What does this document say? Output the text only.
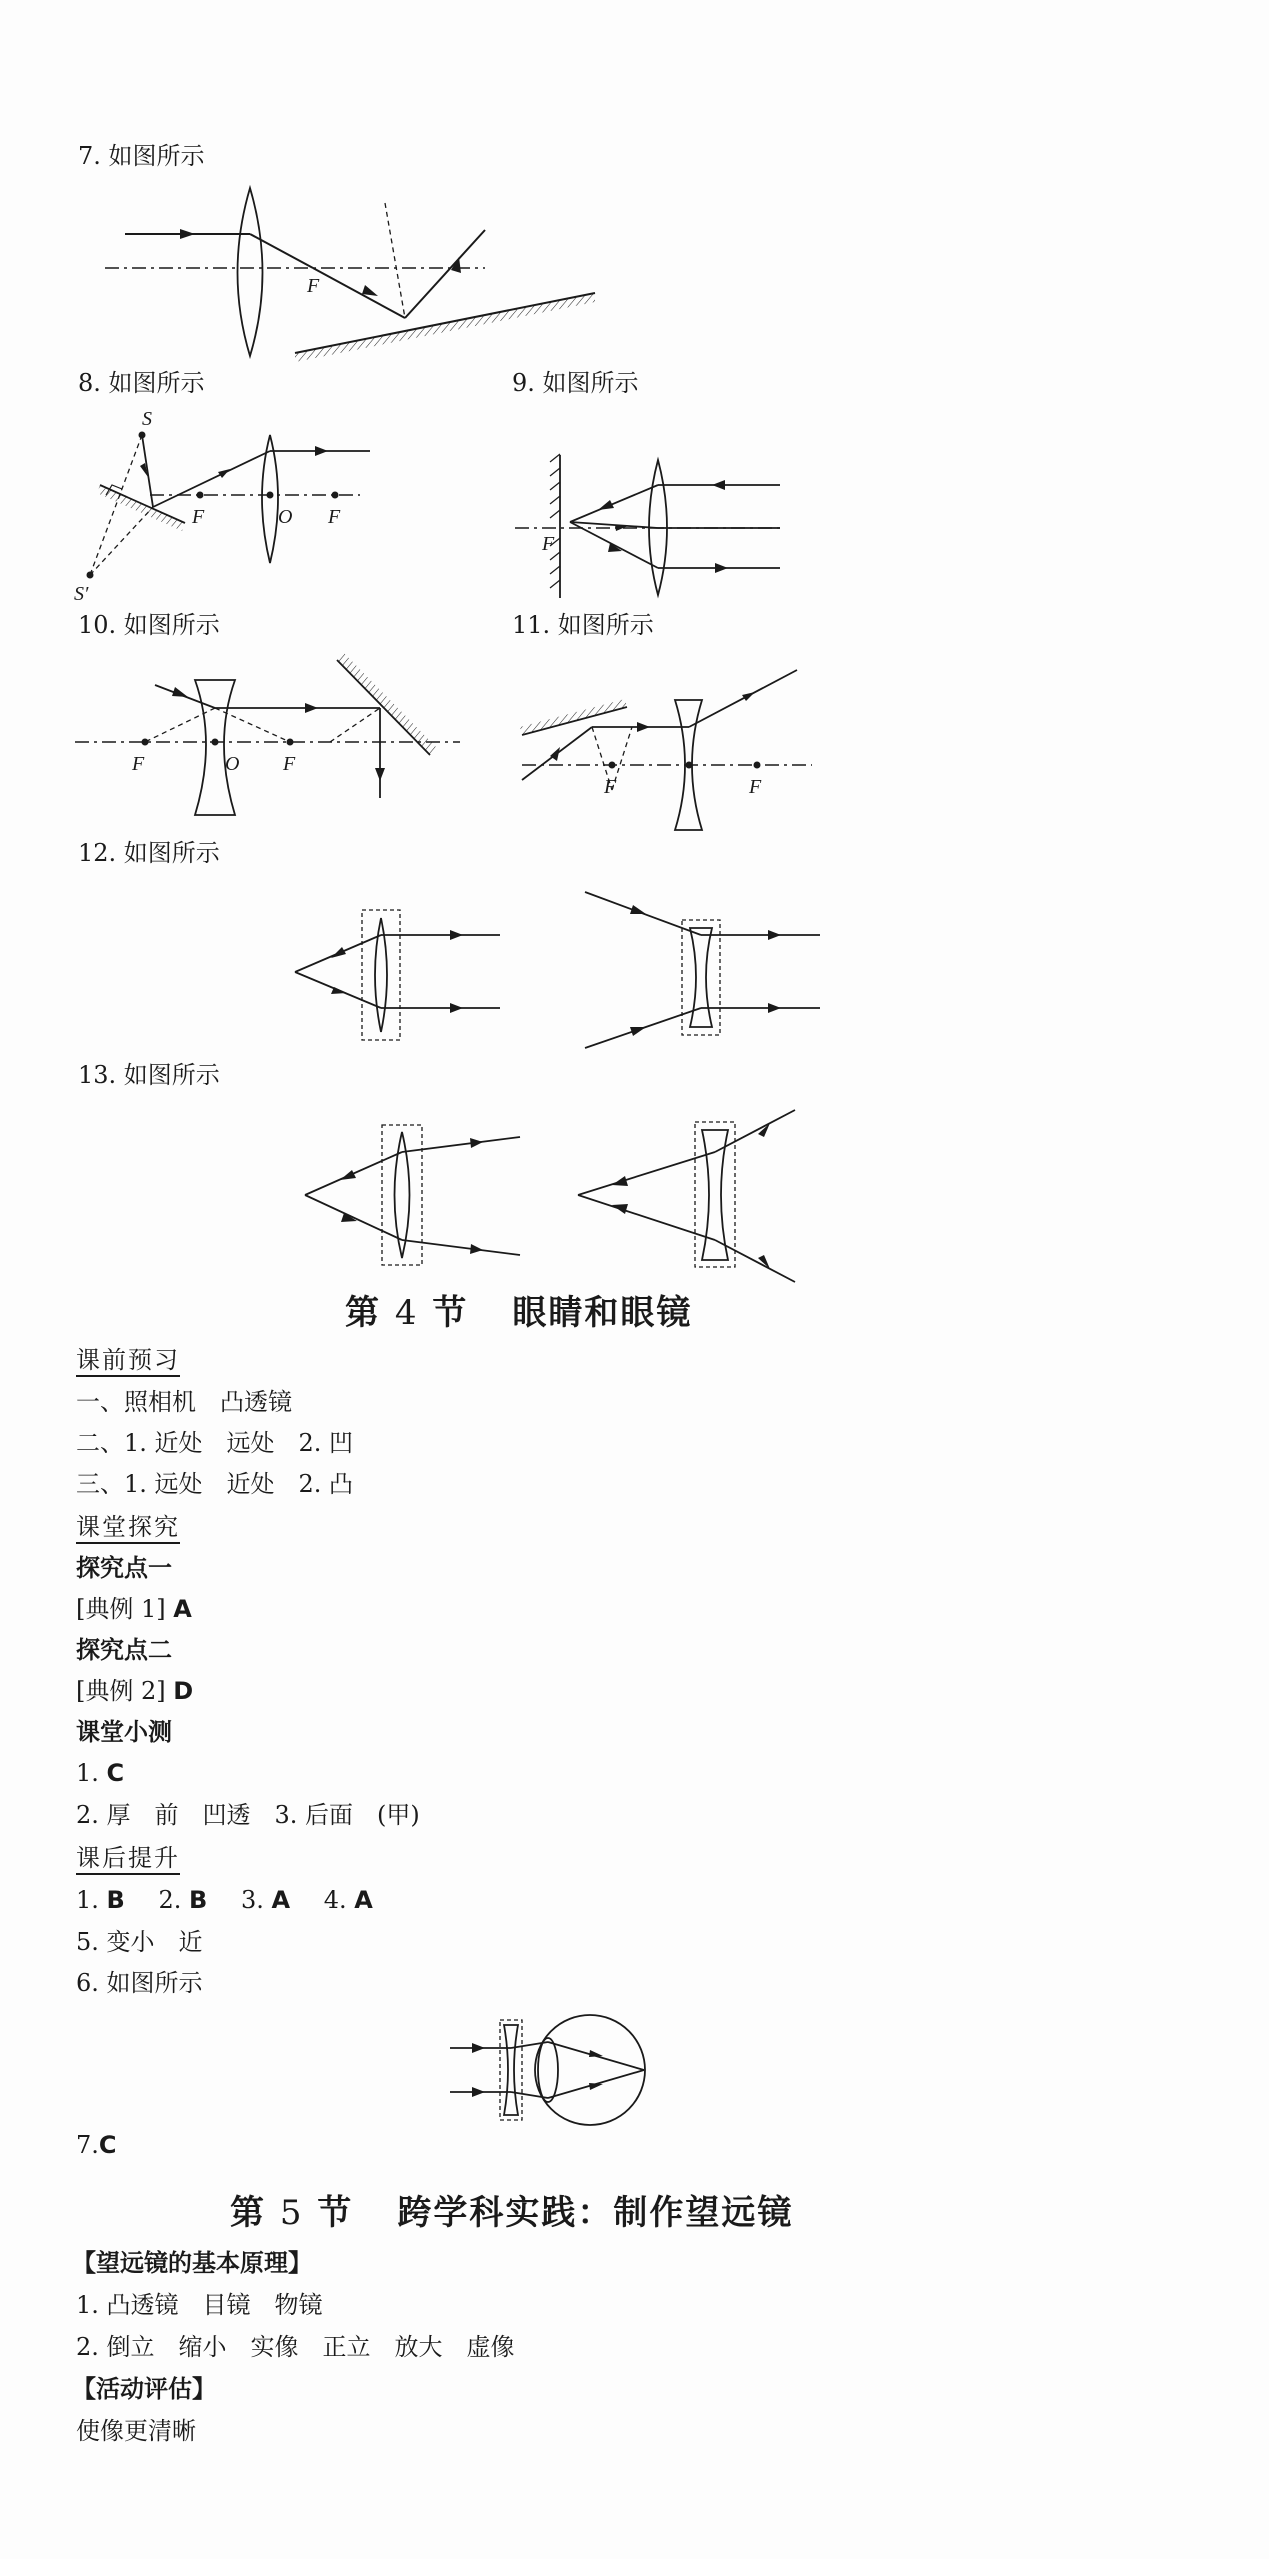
7. 如图所示
F
8. 如图所示
S
S′
F	O F
9. 如图所示
F
10. 如图所示
F	O F
11. 如图所示
F	F
12. 如图所示
13. 如图所示
第 4 节 眼睛和眼镜
课前预习
一、照相机　凸透镜
二、1. 近处　远处　2. 凹
三、1. 远处　近处　2. 凸
课堂探究
探究点一
[典例 1] A
探究点二
[典例 2] D
课堂小测
1. C
2. 厚　前　凹透　3. 后面　(甲)
课后提升
1. B 2. B 3. A 4. A
5. 变小　近
6. 如图所示
7.C
第 5 节 跨学科实践：制作望远镜
【望远镜的基本原理】
1. 凸透镜　目镜　物镜
2. 倒立　缩小　实像　正立　放大　虚像
【活动评估】
使像更清晰
